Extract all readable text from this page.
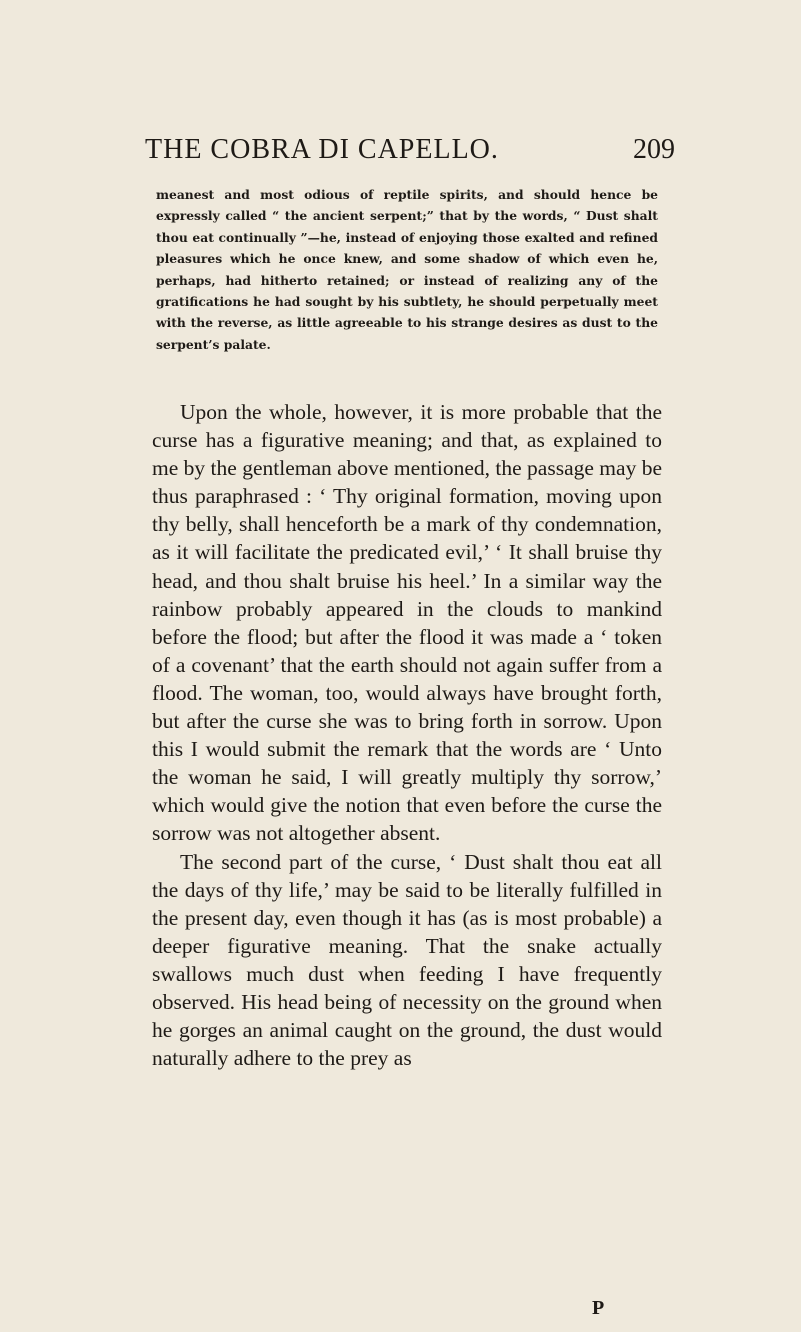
THE COBRA DI CAPELLO.	209

meanest and most odious of reptile spirits, and should hence be expressly called “ the ancient serpent;” that by the words, “ Dust shalt thou eat continually ”—he, instead of enjoying those exalted and refined pleasures which he once knew, and some shadow of which even he, perhaps, had hitherto retained; or instead of realizing any of the gratifications he had sought by his subtlety, he should perpetually meet with the reverse, as little agreeable to his strange desires as dust to the serpent’s palate.

Upon the whole, however, it is more probable that the curse has a figurative meaning; and that, as explained to me by the gentleman above mentioned, the passage may be thus paraphrased : ‘ Thy original formation, moving upon thy belly, shall henceforth be a mark of thy condemnation, as it will facilitate the predicated evil,’ ‘ It shall bruise thy head, and thou shalt bruise his heel.’ In a similar way the rainbow probably appeared in the clouds to mankind before the flood; but after the flood it was made a ‘ token of a covenant’ that the earth should not again suffer from a flood. The woman, too, would always have brought forth, but after the curse she was to bring forth in sorrow. Upon this I would submit the remark that the words are ‘ Unto the woman he said, I will greatly multiply thy sorrow,’ which would give the notion that even before the curse the sorrow was not altogether absent.

The second part of the curse, ‘ Dust shalt thou eat all the days of thy life,’ may be said to be literally fulfilled in the present day, even though it has (as is most probable) a deeper figurative meaning. That the snake actually swallows much dust when feeding I have frequently observed. His head being of necessity on the ground when he gorges an animal caught on the ground, the dust would naturally adhere to the prey as

P
